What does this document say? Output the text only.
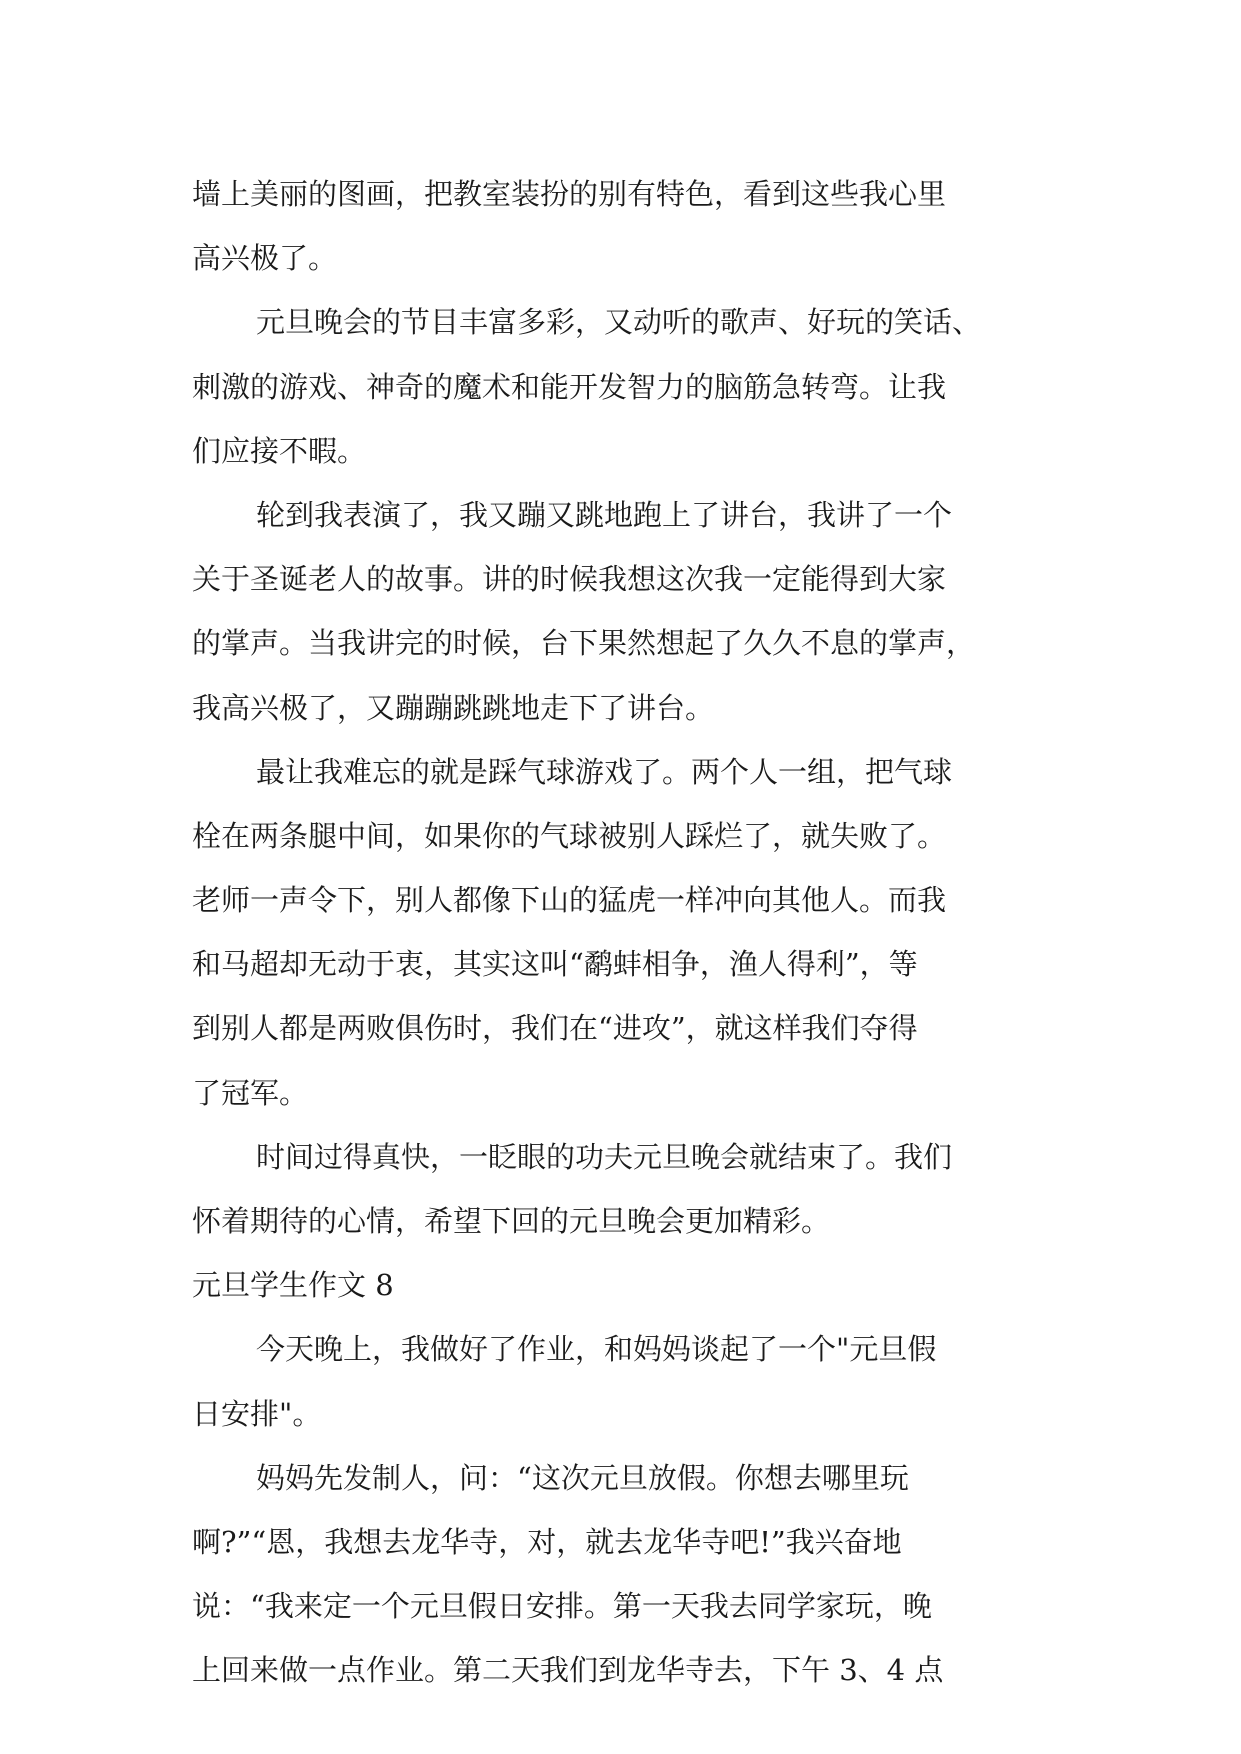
墙上美丽的图画，把教室装扮的别有特色，看到这些我心里
高兴极了。
元旦晚会的节目丰富多彩，又动听的歌声、好玩的笑话、
刺激的游戏、神奇的魔术和能开发智力的脑筋急转弯。让我
们应接不暇。
轮到我表演了，我又蹦又跳地跑上了讲台，我讲了一个
关于圣诞老人的故事。讲的时候我想这次我一定能得到大家
的掌声。当我讲完的时候，台下果然想起了久久不息的掌声，
我高兴极了，又蹦蹦跳跳地走下了讲台。
最让我难忘的就是踩气球游戏了。两个人一组，把气球
栓在两条腿中间，如果你的气球被别人踩烂了，就失败了。
老师一声令下，别人都像下山的猛虎一样冲向其他人。而我
和马超却无动于衷，其实这叫“鹬蚌相争，渔人得利”，等
到别人都是两败俱伤时，我们在“进攻”，就这样我们夺得
了冠军。
时间过得真快，一眨眼的功夫元旦晚会就结束了。我们
怀着期待的心情，希望下回的元旦晚会更加精彩。
元旦学生作文 8
今天晚上，我做好了作业，和妈妈谈起了一个"元旦假
日安排"。
妈妈先发制人，问：“这次元旦放假。你想去哪里玩
啊?”“恩，我想去龙华寺，对，就去龙华寺吧!”我兴奋地
说：“我来定一个元旦假日安排。第一天我去同学家玩，晚
上回来做一点作业。第二天我们到龙华寺去，下午 3、4 点
